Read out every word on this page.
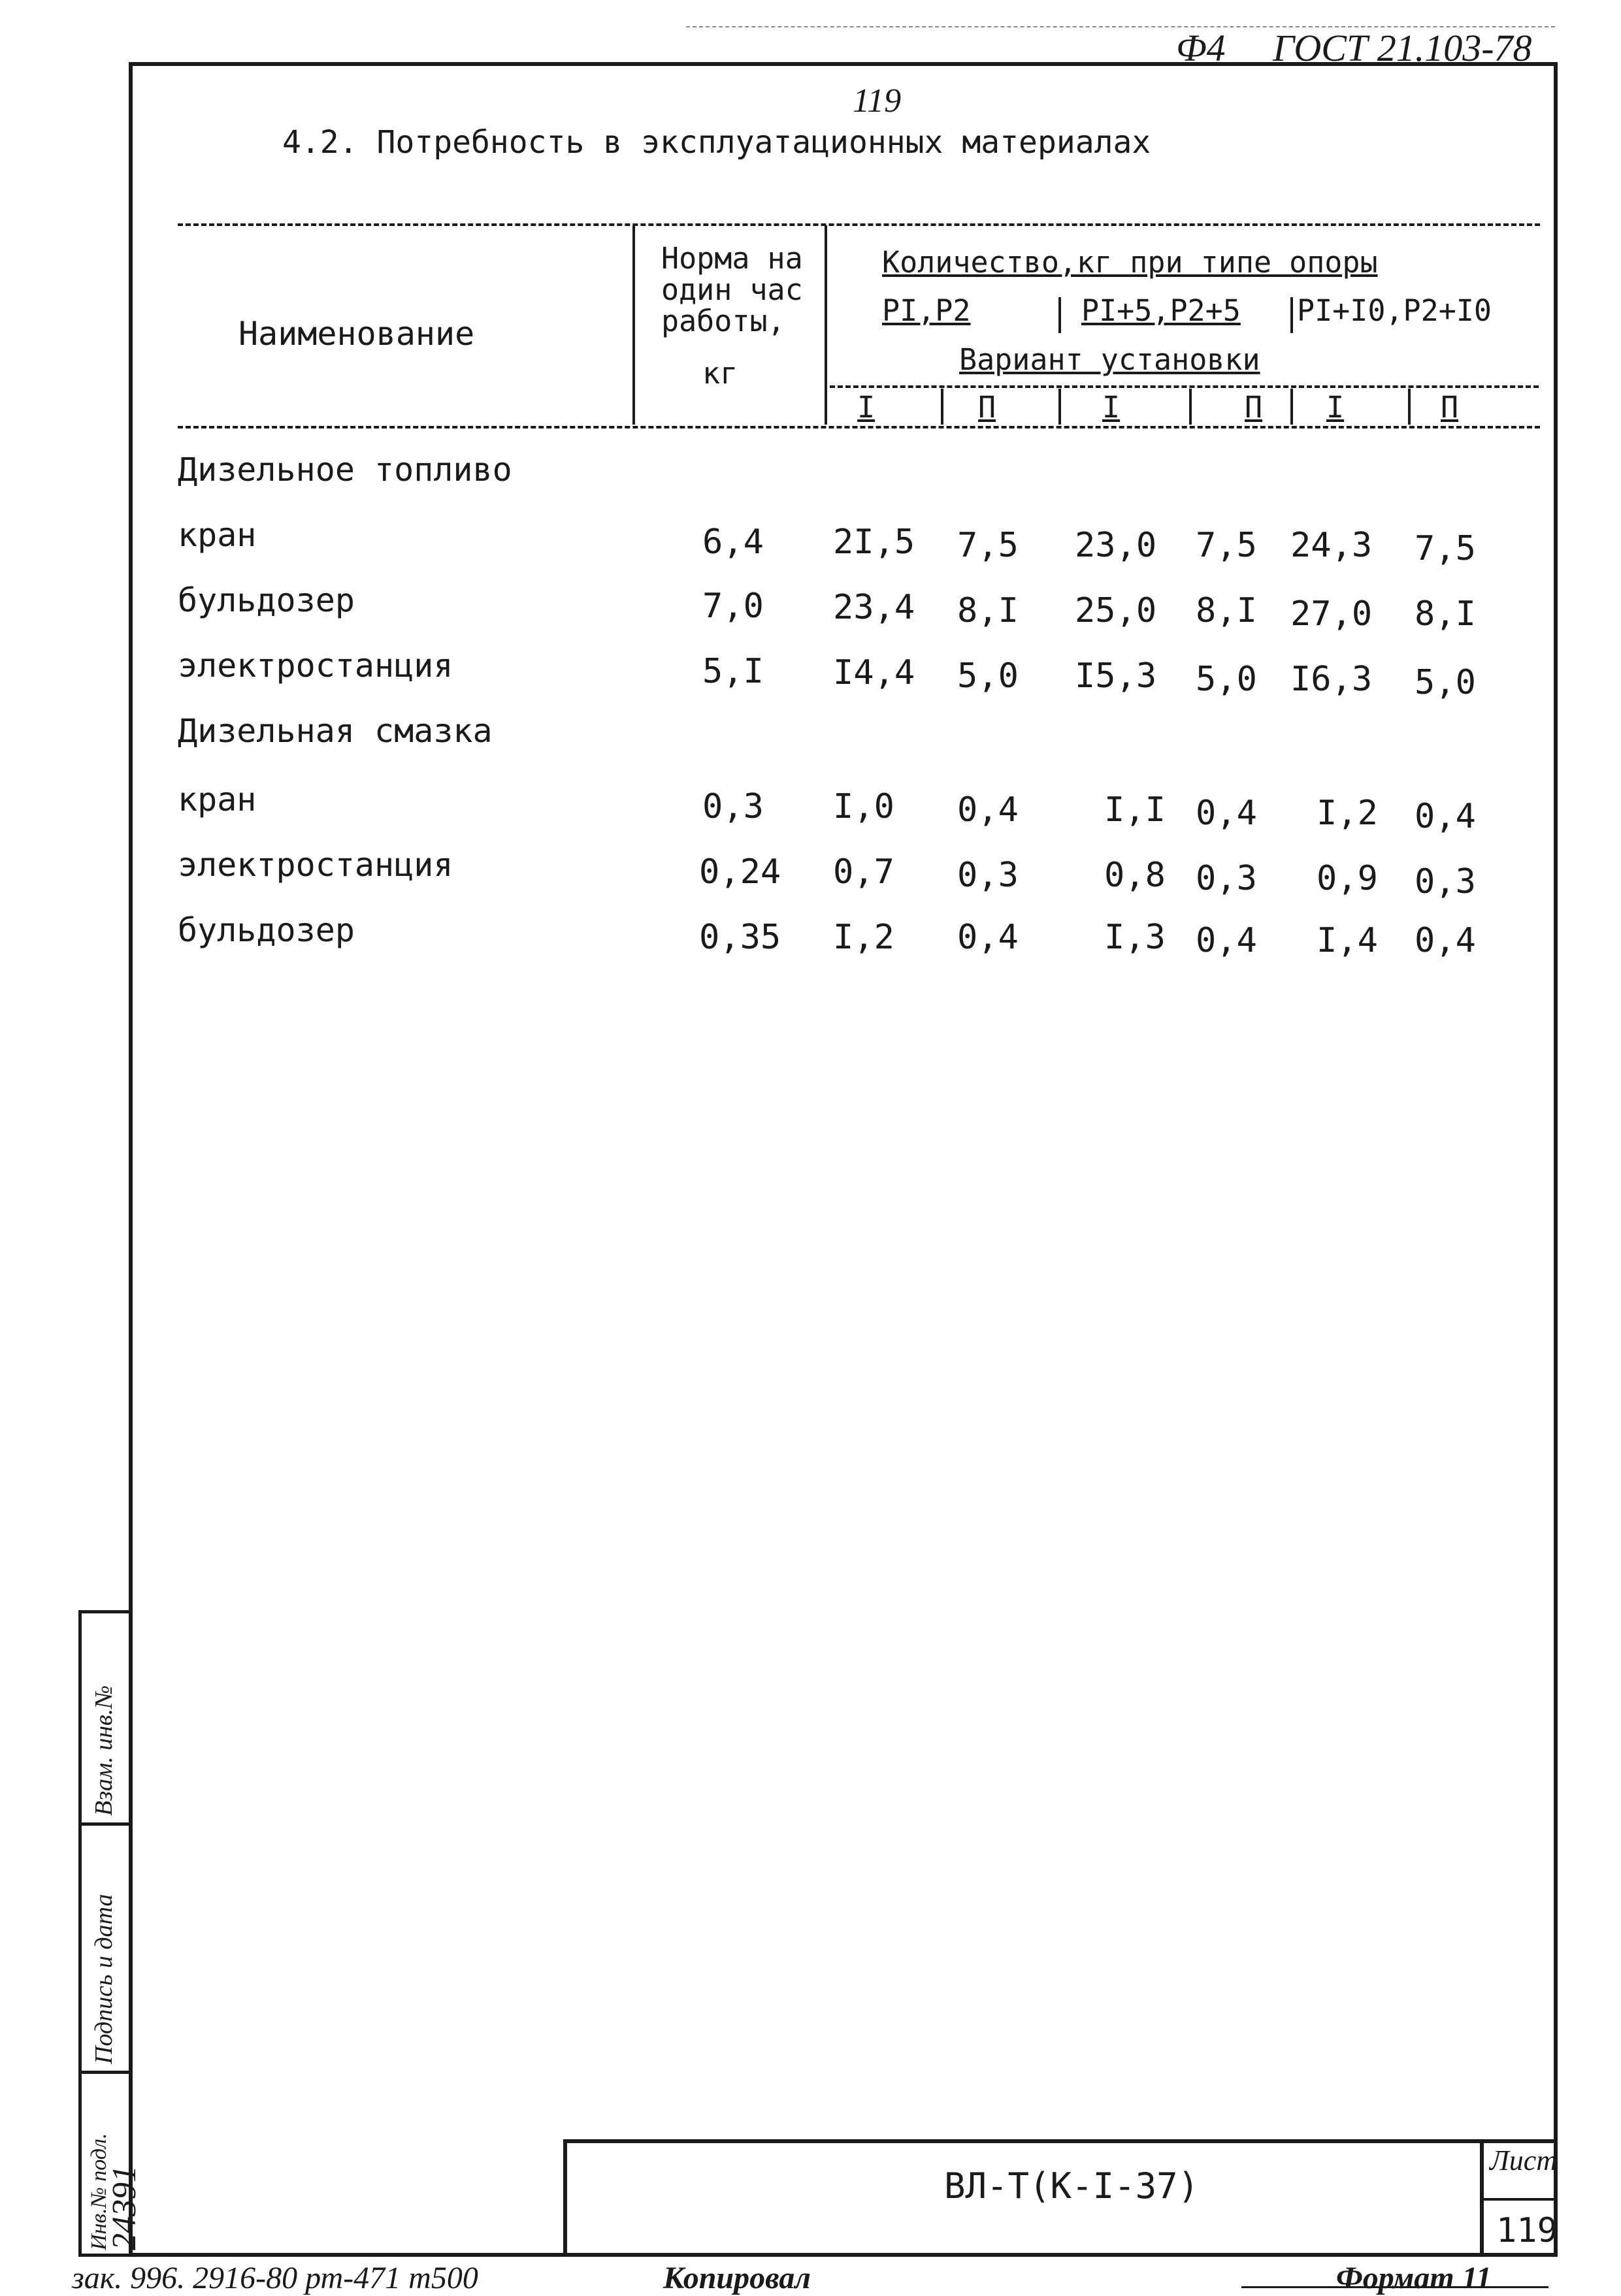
Ф4 ГОСТ 21.103-78
119
4.2. Потребность в эксплуатационных материалах
Наименование
Норма на
один час
работы,
кг
Количество,кг при типе опоры
PI,P2	PI+5,P2+5 PI+I0,P2+I0
Вариант установки
I	П	I	П I	П
Дизельное топливо
кран	6,4 2I,5 7,5 23,0 7,5 24,3 7,5
бульдозер	7,0 23,4 8,I 25,0 8,I 27,0 8,I
электростанция	5,I I4,4 5,0 I5,3 5,0 I6,3 5,0
Дизельная смазка
кран	0,3 I,0 0,4	I,I 0,4 I,2 0,4
электростанция	0,24 0,7 0,3	0,8 0,3 0,9 0,3
бульдозер	0,35 I,2 0,4	I,3 0,4 I,4 0,4
Взам. инв.№
Подпись и дата
Инв.№ подл.
24391	ВЛ-Т(К-I-37)
Лист
119
зак. 996. 2916-80 рт-471 т500	Копировал	Формат 11
